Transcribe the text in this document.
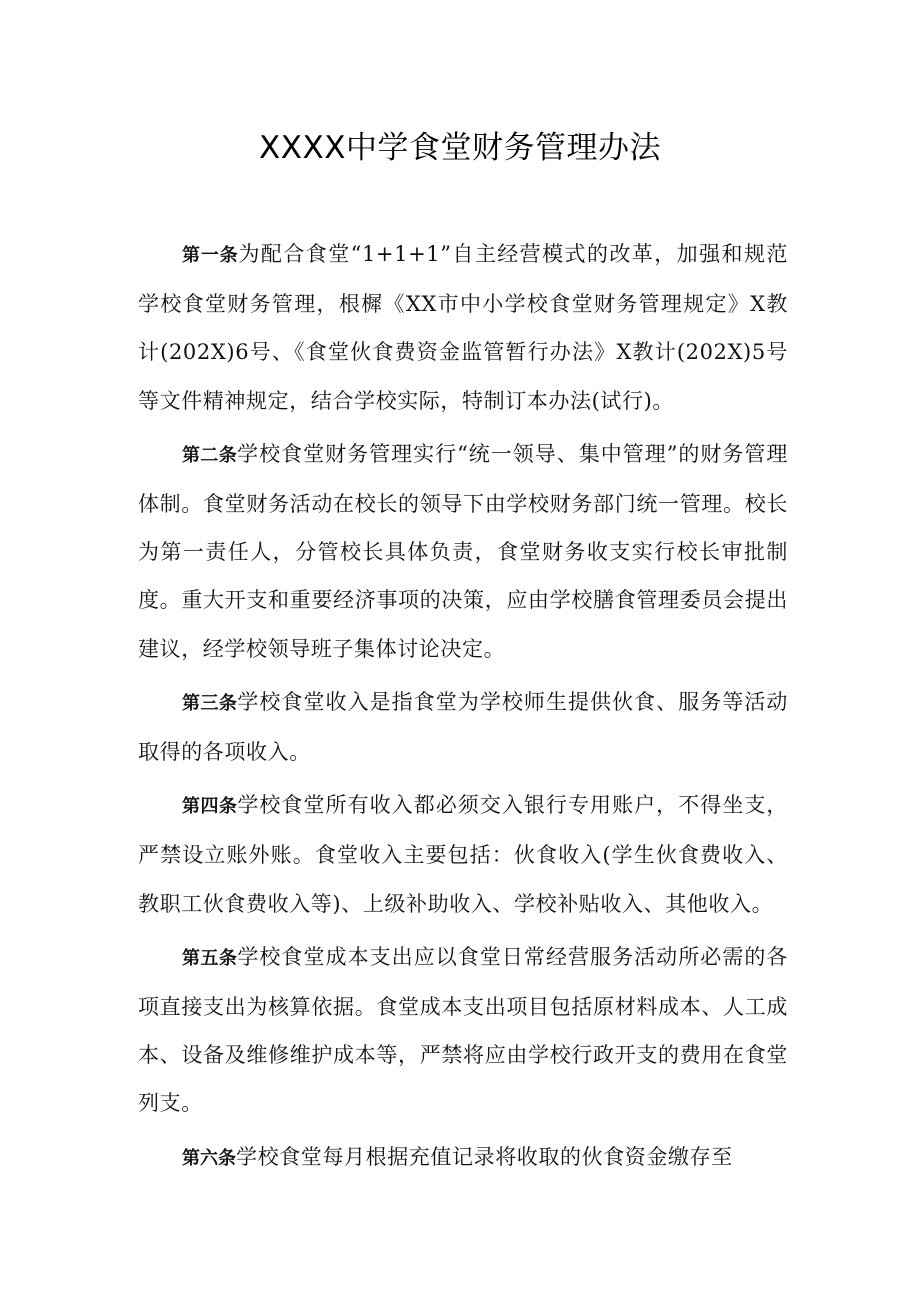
XXXX中学食堂财务管理办法

第一条为配合食堂“1+1+1”自主经营模式的改革，加强和规范学校食堂财务管理，根樨《XX市中小学校食堂财务管理规定》X教计(202X)6号、《食堂伙食费资金监管暂行办法》X教计(202X)5号等文件精神规定，结合学校实际，特制订本办法(试行)。

第二条学校食堂财务管理实行“统一领导、集中管理”的财务管理体制。食堂财务活动在校长的领导下由学校财务部门统一管理。校长为第一责任人，分管校长具体负责，食堂财务收支实行校长审批制度。重大开支和重要经济事项的决策，应由学校膳食管理委员会提出建议，经学校领导班子集体讨论决定。

第三条学校食堂收入是指食堂为学校师生提供伙食、服务等活动取得的各项收入。

第四条学校食堂所有收入都必须交入银行专用账户，不得坐支，严禁设立账外账。食堂收入主要包括：伙食收入(学生伙食费收入、教职工伙食费收入等)、上级补助收入、学校补贴收入、其他收入。

第五条学校食堂成本支出应以食堂日常经营服务活动所必需的各项直接支出为核算依据。食堂成本支出项目包括原材料成本、人工成本、设备及维修维护成本等，严禁将应由学校行政开支的费用在食堂列支。

第六条学校食堂每月根据充值记录将收取的伙食资金缴存至
